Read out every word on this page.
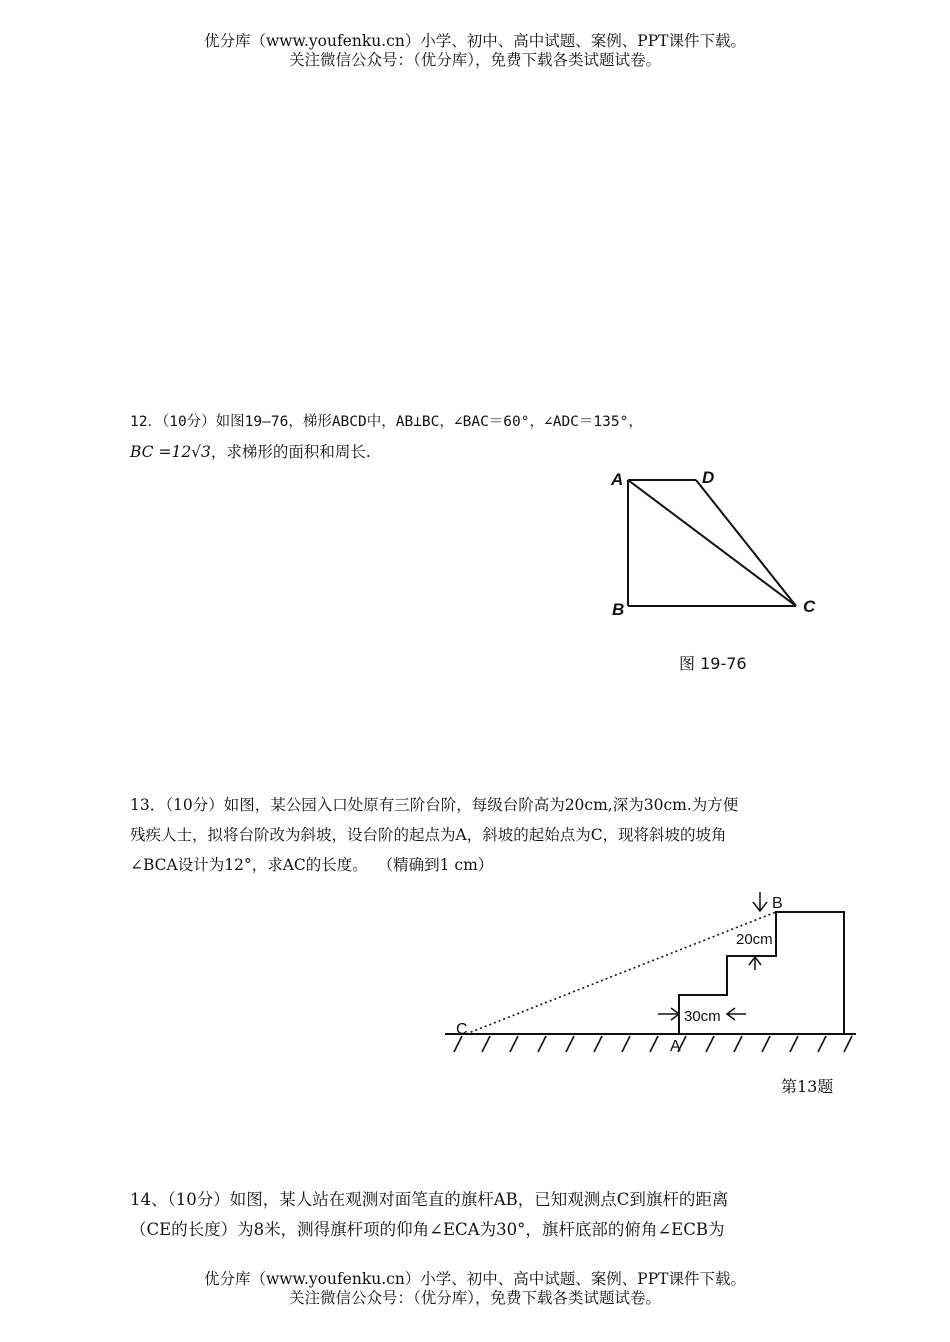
优分库（www.youfenku.cn）小学、初中、高中试题、案例、PPT课件下载。
关注微信公众号：（优分库），免费下载各类试题试卷。
12．（10分）如图19—76，梯形ABCD中，AB⊥BC，∠BAC＝60°，∠ADC＝135°，
BC =12√3，求梯形的面积和周长.
A	D
B	C
图 19-76
13．（10分）如图，某公园入口处原有三阶台阶，每级台阶高为20cm,深为30cm.为方便
残疾人士，拟将台阶改为斜坡，设台阶的起点为A，斜坡的起始点为C，现将斜坡的坡角
∠BCA设计为12°，求AC的长度。  （精确到1 cm）
B
20cm
30cm
C
A
第13题
14、（10分）如图，某人站在观测对面笔直的旗杆AB，已知观测点C到旗杆的距离
（CE的长度）为8米，测得旗杆项的仰角∠ECA为30°，旗杆底部的俯角∠ECB为
优分库（www.youfenku.cn）小学、初中、高中试题、案例、PPT课件下载。
关注微信公众号：（优分库），免费下载各类试题试卷。
